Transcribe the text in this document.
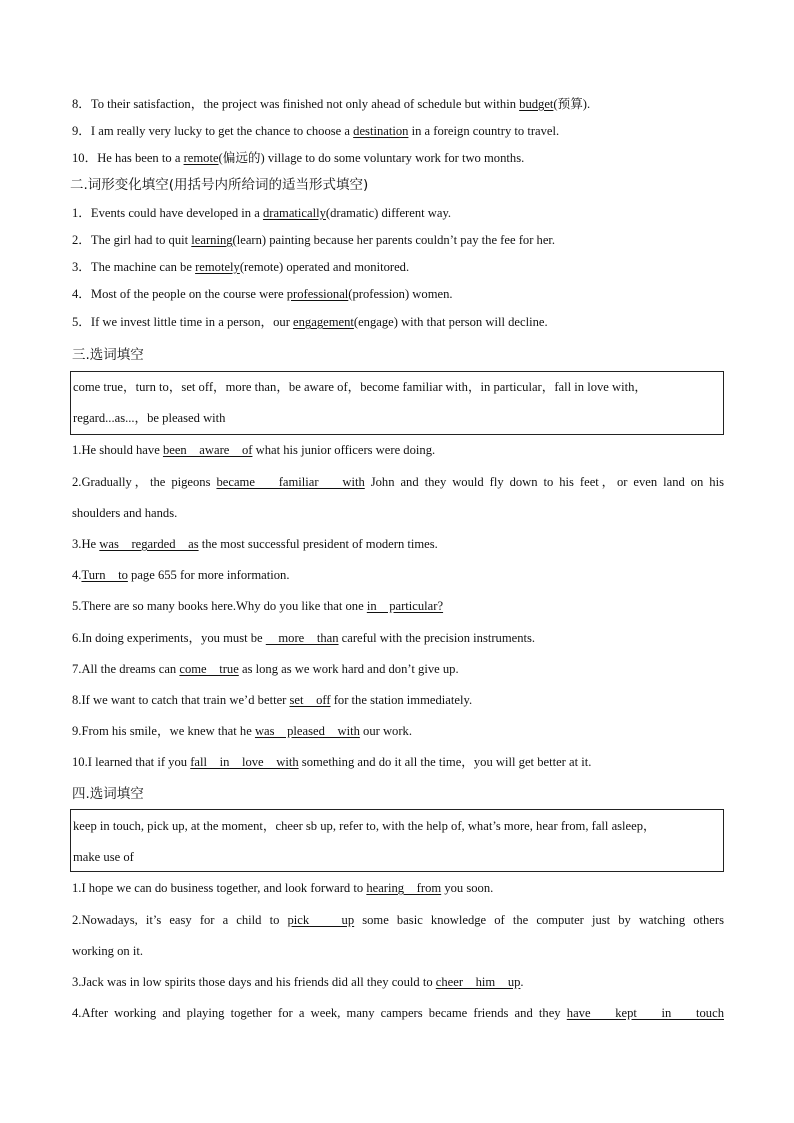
8．To their satisfaction，the project was finished not only ahead of schedule but within budget(预算).
9．I am really very lucky to get the chance to choose a destination in a foreign country to travel.
10．He has been to a remote(偏远的) village to do some voluntary work for two months.
二.词形变化填空(用括号内所给词的适当形式填空)
1．Events could have developed in a dramatically(dramatic) different way.
2．The girl had to quit learning(learn) painting because her parents couldn’t pay the fee for her.
3．The machine can be remotely(remote) operated and monitored.
4．Most of the people on the course were professional(profession) women.
5．If we invest little time in a person，our engagement(engage) with that person will decline.
三.选词填空
come true，turn to，set off，more than，be aware of，become familiar with，in particular，fall in love with，
regard...as...，be pleased with
1.He should have been    aware    of what his junior officers were doing.
2.Gradually，the pigeons became    familiar    with John and they would fly down to his feet，or even land on his
shoulders and hands.
3.He was    regarded    as the most successful president of modern times.
4.Turn    to page 655 for more information.
5.There are so many books here.Why do you like that one in    particular?
6.In doing experiments，you must be     more    than careful with the precision instruments.
7.All the dreams can come    true as long as we work hard and don’t give up.
8.If we want to catch that train we’d better set    off for the station immediately.
9.From his smile，we knew that he was    pleased    with our work.
10.I learned that if you fall    in    love    with something and do it all the time，you will get better at it.
四.选词填空
keep in touch, pick up, at the moment，cheer sb up, refer to, with the help of, what’s more, hear from, fall asleep，
make use of
1.I hope we can do business together, and look forward to hearing    from you soon.
2.Nowadays, it’s easy for a child to pick    up some basic knowledge of the computer just by watching others
working on it.
3.Jack was in low spirits those days and his friends did all they could to cheer    him    up.
4.After working and playing together for a week, many campers became friends and they have    kept    in    touch
